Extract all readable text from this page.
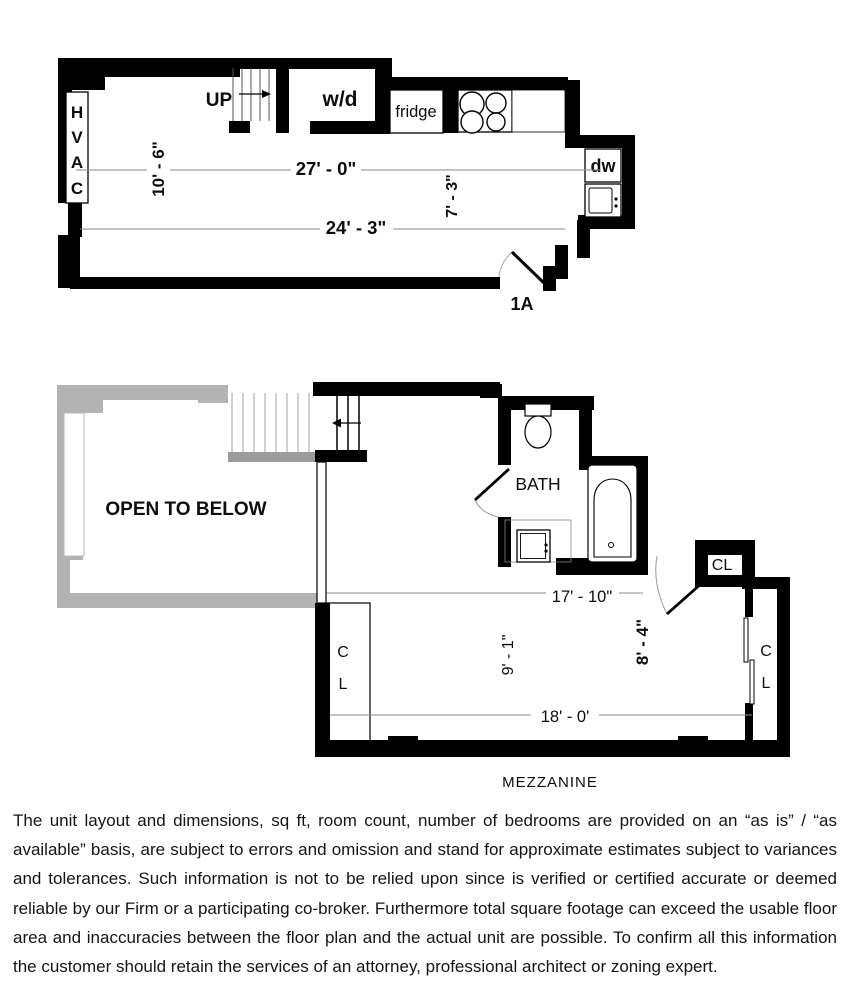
H
V
A
C
UP	w/d
fridge
dw
1A
27' - 0"
24' - 3"
10' - 6"	7' - 3"
OPEN TO BELOW
BATH
CL
C
L
C
L
17' - 10"
18' - 0'
9' - 1"	8' - 4"
MEZZANINE
The unit layout and dimensions, sq ft, room count, number of bedrooms are provided on an “as is” / “as available” basis, are subject to errors and omission and stand for approximate estimates subject to variances and tolerances. Such information is not to be relied upon since is verified or certified accurate or deemed reliable by our Firm or a participating co-broker. Furthermore total square footage can exceed the usable floor area and inaccuracies between the floor plan and the actual unit are possible. To confirm all this information the customer should retain the services of an attorney, professional architect or zoning expert.
